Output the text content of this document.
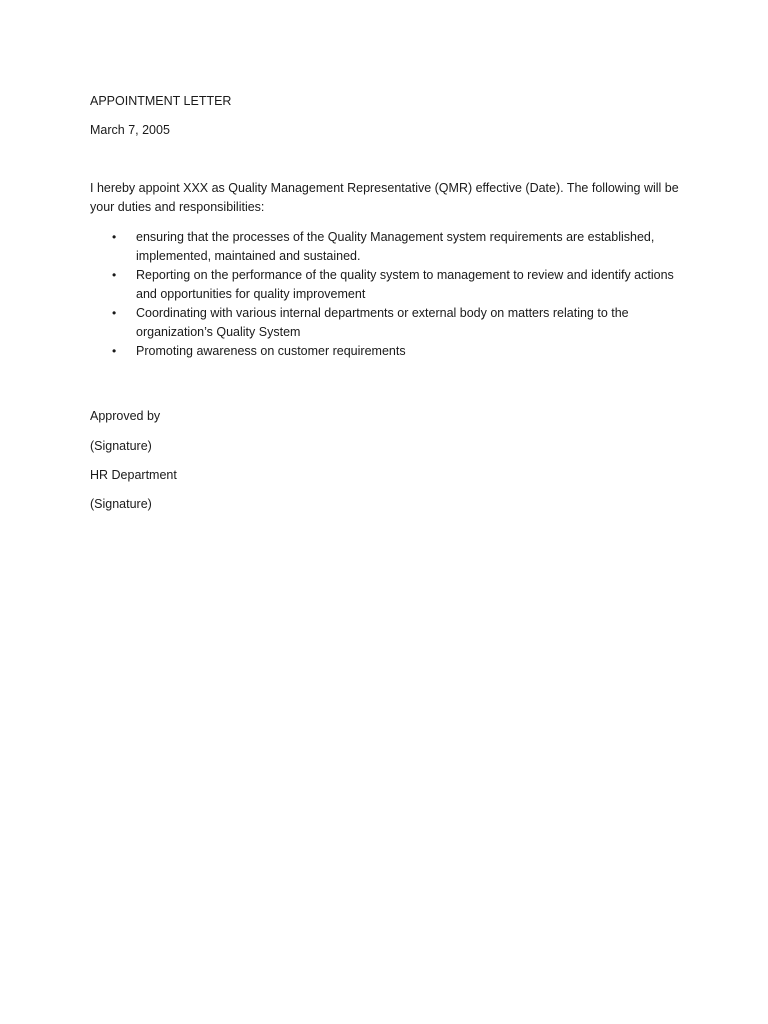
APPOINTMENT LETTER
March 7, 2005
I hereby appoint XXX as Quality Management Representative (QMR) effective (Date). The following will be your duties and responsibilities:
• ensuring that the processes of the Quality Management system requirements are established, implemented, maintained and sustained.
• Reporting on the performance of the quality system to management to review and identify actions and opportunities for quality improvement
• Coordinating with various internal departments or external body on matters relating to the organization’s Quality System
• Promoting awareness on customer requirements
Approved by
(Signature)
HR Department
(Signature)
